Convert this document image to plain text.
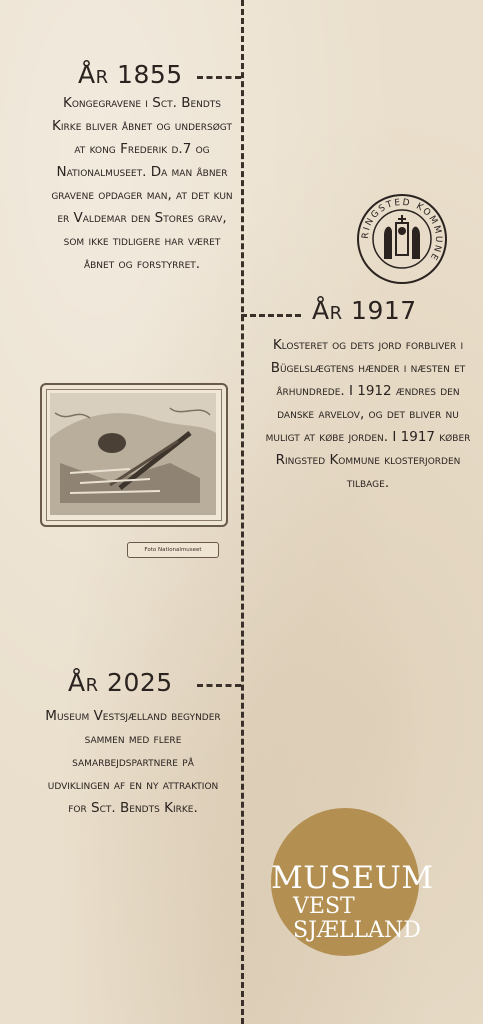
År 1855
Kongegravene i Sct. Bendts Kirke bliver åbnet og undersøgt at kong Frederik d.7 og Nationalmuseet. Da man åbner gravene opdager man, at det kun er Valdemar den Stores grav, som ikke tidligere har været åbnet og forstyrret.
Foto Nationalmuseet
RINGSTED KOMMUNE
År 1917
Klosteret og dets jord forbliver i Bügelslægtens hænder i næsten et århundrede. I 1912 ændres den danske arvelov, og det bliver nu muligt at købe jorden. I 1917 køber Ringsted Kommune klosterjorden tilbage.
År 2025
Museum Vestsjælland begynder sammen med flere samarbejdspartnere på udviklingen af en ny attraktion for Sct. Bendts Kirke.
MUSEUM
VEST
SJÆLLAND
